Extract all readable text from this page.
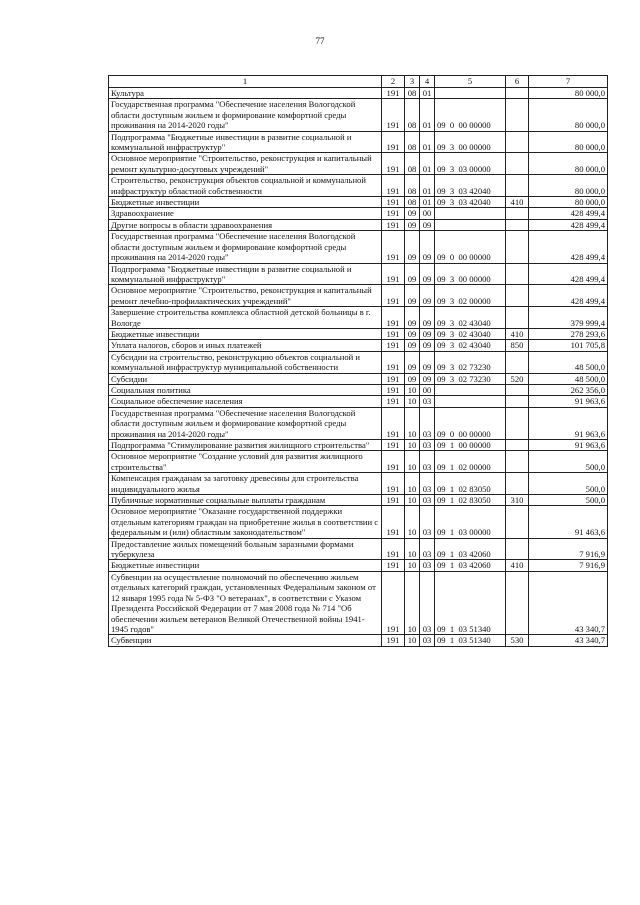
77
1	2	3	4	5	6	7
Культура	191	08	01			80 000,0
Государственная программа "Обеспечение населения Вологодской области доступным жильем и формирование комфортной среды проживания на 2014-2020 годы"	191	08	01	09  0  00 00000		80 000,0
Подпрограмма "Бюджетные инвестиции в развитие социальной и коммунальной инфраструктур"	191	08	01	09  3  00 00000		80 000,0
Основное мероприятие "Строительство, реконструкция и капитальный ремонт культурно-досуговых учреждений"	191	08	01	09  3  03 00000		80 000,0
Строительство, реконструкция объектов социальной и коммунальной инфраструктур областной собственности	191	08	01	09  3  03 42040		80 000,0
Бюджетные инвестиции	191	08	01	09  3  03 42040	410	80 000,0
Здравоохранение	191	09	00			428 499,4
Другие вопросы в области здравоохранения	191	09	09			428 499,4
Государственная программа "Обеспечение населения Вологодской области доступным жильем и формирование комфортной среды проживания на 2014-2020 годы"	191	09	09	09  0  00 00000		428 499,4
Подпрограмма "Бюджетные инвестиции в развитие социальной и коммунальной инфраструктур"	191	09	09	09  3  00 00000		428 499,4
Основное мероприятие "Строительство, реконструкция и капитальный ремонт лечебно-профилактических учреждений"	191	09	09	09  3  02 00000		428 499,4
Завершение строительства комплекса областной детской больницы в г. Вологде	191	09	09	09  3  02 43040		379 999,4
Бюджетные инвестиции	191	09	09	09  3  02 43040	410	278 293,6
Уплата налогов, сборов и иных платежей	191	09	09	09  3  02 43040	850	101 705,8
Субсидии на строительство, реконструкцию объектов социальной и коммунальной инфраструктур муниципальной собственности	191	09	09	09  3  02 73230		48 500,0
Субсидии	191	09	09	09  3  02 73230	520	48 500,0
Социальная политика	191	10	00			262 356,0
Социальное обеспечение населения	191	10	03			91 963,6
Государственная программа "Обеспечение населения Вологодской области доступным жильем и формирование комфортной среды проживания на 2014-2020 годы"	191	10	03	09  0  00 00000		91 963,6
Подпрограмма "Стимулирование развития жилищного строительства"	191	10	03	09  1  00 00000		91 963,6
Основное мероприятие "Создание условий для развития жилищного строительства"	191	10	03	09  1  02 00000		500,0
Компенсация гражданам за заготовку древесины для строительства индивидуального жилья	191	10	03	09  1  02 83050		500,0
Публичные нормативные социальные выплаты гражданам	191	10	03	09  1  02 83050	310	500,0
Основное мероприятие "Оказание государственной поддержки отдельным категориям граждан на приобретение жилья в соответствии с федеральным и (или) областным законодательством"	191	10	03	09  1  03 00000		91 463,6
Предоставление жилых помещений больным заразными формами туберкулеза	191	10	03	09  1  03 42060		7 916,9
Бюджетные инвестиции	191	10	03	09  1  03 42060	410	7 916,9
Субвенции на осуществление полномочий по обеспечению жильем отдельных категорий граждан, установленных Федеральным законом от 12 января 1995 года № 5-ФЗ "О ветеранах", в соответствии с Указом Президента Российской Федерации от 7 мая 2008 года № 714 "Об обеспечении жильем ветеранов Великой Отечественной войны 1941-1945 годов"	191	10	03	09  1  03 51340		43 340,7
Субвенции	191	10	03	09  1  03 51340	530	43 340,7
